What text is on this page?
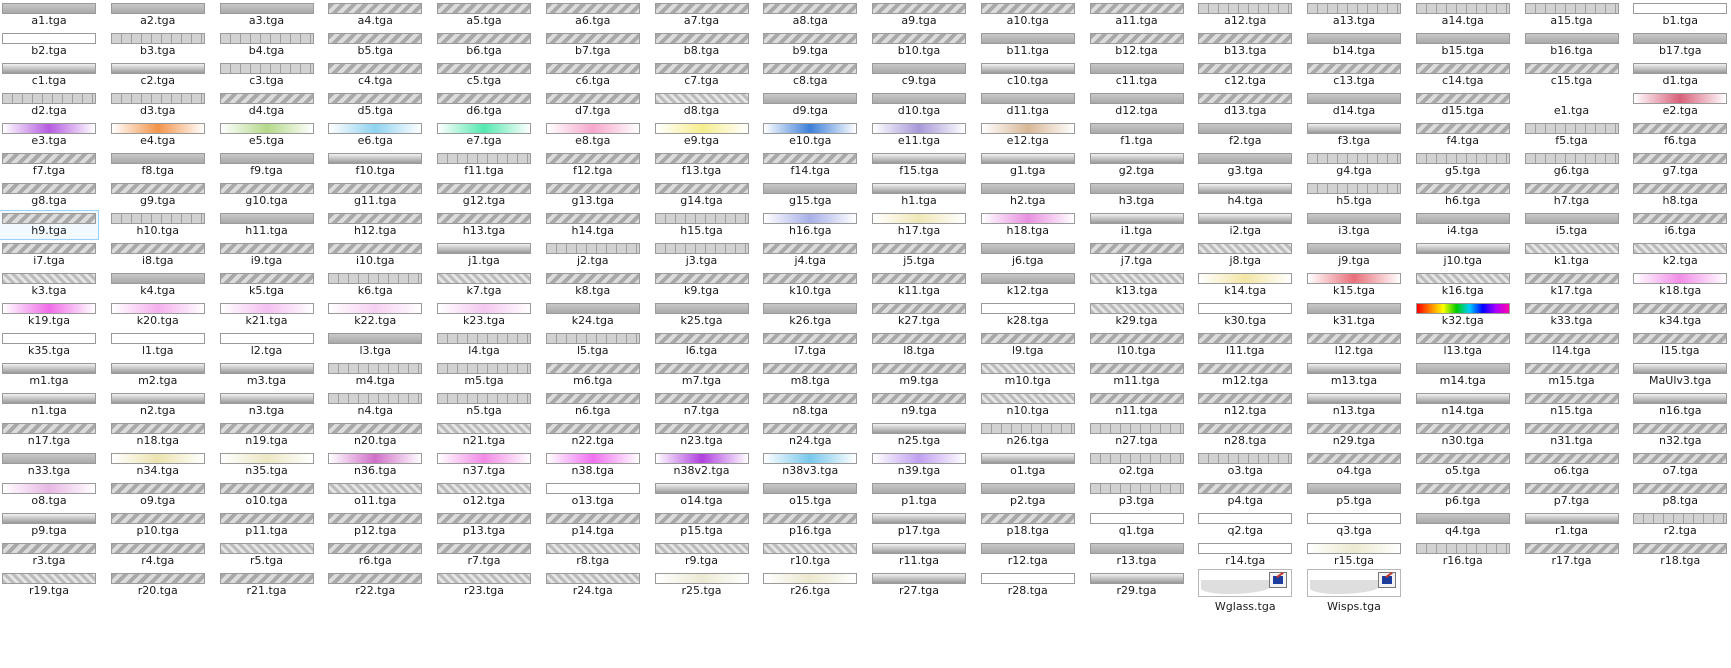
a1.tga	a2.tga	a3.tga	a4.tga	a5.tga	a6.tga	a7.tga	a8.tga	a9.tga	a10.tga	a11.tga	a12.tga	a13.tga	a14.tga	a15.tga	b1.tga
b2.tga	b3.tga	b4.tga	b5.tga	b6.tga	b7.tga	b8.tga	b9.tga	b10.tga	b11.tga	b12.tga	b13.tga	b14.tga	b15.tga	b16.tga	b17.tga
c1.tga	c2.tga	c3.tga	c4.tga	c5.tga	c6.tga	c7.tga	c8.tga	c9.tga	c10.tga	c11.tga	c12.tga	c13.tga	c14.tga	c15.tga	d1.tga
d2.tga	d3.tga	d4.tga	d5.tga	d6.tga	d7.tga	d8.tga	d9.tga	d10.tga	d11.tga	d12.tga	d13.tga	d14.tga	d15.tga	e1.tga	e2.tga
e3.tga	e4.tga	e5.tga	e6.tga	e7.tga	e8.tga	e9.tga	e10.tga	e11.tga	e12.tga	f1.tga	f2.tga	f3.tga	f4.tga	f5.tga	f6.tga
f7.tga	f8.tga	f9.tga	f10.tga	f11.tga	f12.tga	f13.tga	f14.tga	f15.tga	g1.tga	g2.tga	g3.tga	g4.tga	g5.tga	g6.tga	g7.tga
g8.tga	g9.tga	g10.tga	g11.tga	g12.tga	g13.tga	g14.tga	g15.tga	h1.tga	h2.tga	h3.tga	h4.tga	h5.tga	h6.tga	h7.tga	h8.tga
h9.tga	h10.tga	h11.tga	h12.tga	h13.tga	h14.tga	h15.tga	h16.tga	h17.tga	h18.tga	i1.tga	i2.tga	i3.tga	i4.tga	i5.tga	i6.tga
i7.tga	i8.tga	i9.tga	i10.tga	j1.tga	j2.tga	j3.tga	j4.tga	j5.tga	j6.tga	j7.tga	j8.tga	j9.tga	j10.tga	k1.tga	k2.tga
k3.tga	k4.tga	k5.tga	k6.tga	k7.tga	k8.tga	k9.tga	k10.tga	k11.tga	k12.tga	k13.tga	k14.tga	k15.tga	k16.tga	k17.tga	k18.tga
k19.tga	k20.tga	k21.tga	k22.tga	k23.tga	k24.tga	k25.tga	k26.tga	k27.tga	k28.tga	k29.tga	k30.tga	k31.tga	k32.tga	k33.tga	k34.tga
k35.tga	l1.tga	l2.tga	l3.tga	l4.tga	l5.tga	l6.tga	l7.tga	l8.tga	l9.tga	l10.tga	l11.tga	l12.tga	l13.tga	l14.tga	l15.tga
m1.tga	m2.tga	m3.tga	m4.tga	m5.tga	m6.tga	m7.tga	m8.tga	m9.tga	m10.tga	m11.tga	m12.tga	m13.tga	m14.tga	m15.tga	MaUlv3.tga
n1.tga	n2.tga	n3.tga	n4.tga	n5.tga	n6.tga	n7.tga	n8.tga	n9.tga	n10.tga	n11.tga	n12.tga	n13.tga	n14.tga	n15.tga	n16.tga
n17.tga	n18.tga	n19.tga	n20.tga	n21.tga	n22.tga	n23.tga	n24.tga	n25.tga	n26.tga	n27.tga	n28.tga	n29.tga	n30.tga	n31.tga	n32.tga
n33.tga	n34.tga	n35.tga	n36.tga	n37.tga	n38.tga	n38v2.tga	n38v3.tga	n39.tga	o1.tga	o2.tga	o3.tga	o4.tga	o5.tga	o6.tga	o7.tga
o8.tga	o9.tga	o10.tga	o11.tga	o12.tga	o13.tga	o14.tga	o15.tga	p1.tga	p2.tga	p3.tga	p4.tga	p5.tga	p6.tga	p7.tga	p8.tga
p9.tga	p10.tga	p11.tga	p12.tga	p13.tga	p14.tga	p15.tga	p16.tga	p17.tga	p18.tga	q1.tga	q2.tga	q3.tga	q4.tga	r1.tga	r2.tga
r3.tga	r4.tga	r5.tga	r6.tga	r7.tga	r8.tga	r9.tga	r10.tga	r11.tga	r12.tga	r13.tga	r14.tga	r15.tga	r16.tga	r17.tga	r18.tga
r19.tga	r20.tga	r21.tga	r22.tga	r23.tga	r24.tga	r25.tga	r26.tga	r27.tga	r28.tga	r29.tga
Wglass.tga	Wisps.tga
